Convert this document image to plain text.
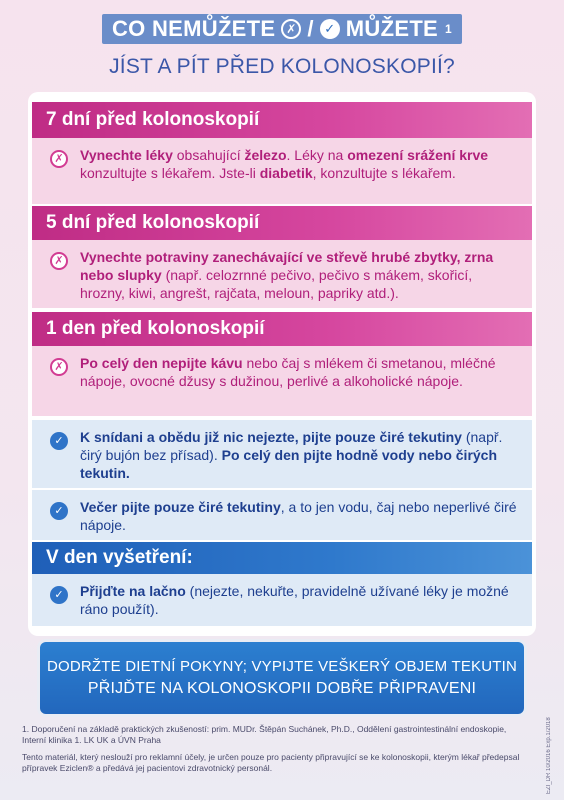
CO NEMŮŽETE ✗ / ✓ MŮŽETE 1
JÍST A PÍT PŘED KOLONOSKOPIÍ?
7 dní před kolonoskopií
✗	Vynechte léky obsahující železo. Léky na omezení srážení krve konzultujte s lékařem. Jste-li diabetik, konzultujte s lékařem.
5 dní před kolonoskopií
✗	Vynechte potraviny zanechávající ve střevě hrubé zbytky, zrna nebo slupky (např. celozrnné pečivo, pečivo s mákem, skořicí, hrozny, kiwi, angrešt, rajčata, meloun, papriky atd.).
1 den před kolonoskopií
✗	Po celý den nepijte kávu nebo čaj s mlékem či smetanou, mléčné nápoje, ovocné džusy s dužinou, perlivé a alkoholické nápoje.
✓	K snídani a obědu již nic nejezte, pijte pouze čiré tekutiny (např. čirý bujón bez přísad). Po celý den pijte hodně vody nebo čirých tekutin.
✓	Večer pijte pouze čiré tekutiny, a to jen vodu, čaj nebo neperlivé čiré nápoje.
V den vyšetření:
✓	Přijďte na lačno (nejezte, nekuřte, pravidelně užívané léky je možné ráno použít).
DODRŽTE DIETNÍ POKYNY; VYPIJTE VEŠKERÝ OBJEM TEKUTIN
PŘIJĎTE NA KOLONOSKOPII DOBŘE PŘIPRAVENI
1. Doporučení na základě praktických zkušeností: prim. MUDr. Štěpán Suchánek, Ph.D., Oddělení gastrointestinální endoskopie, Interní klinika 1. LK UK a ÚVN Praha
Tento materiál, který neslouží pro reklamní účely, je určen pouze pro pacienty připravující se ke kolonoskopii, kterým lékař předepsal přípravek Eziclen® a předává jej pacientovi zdravotnický personál.	EZI_DR 10/2016 Exp.1/2018
